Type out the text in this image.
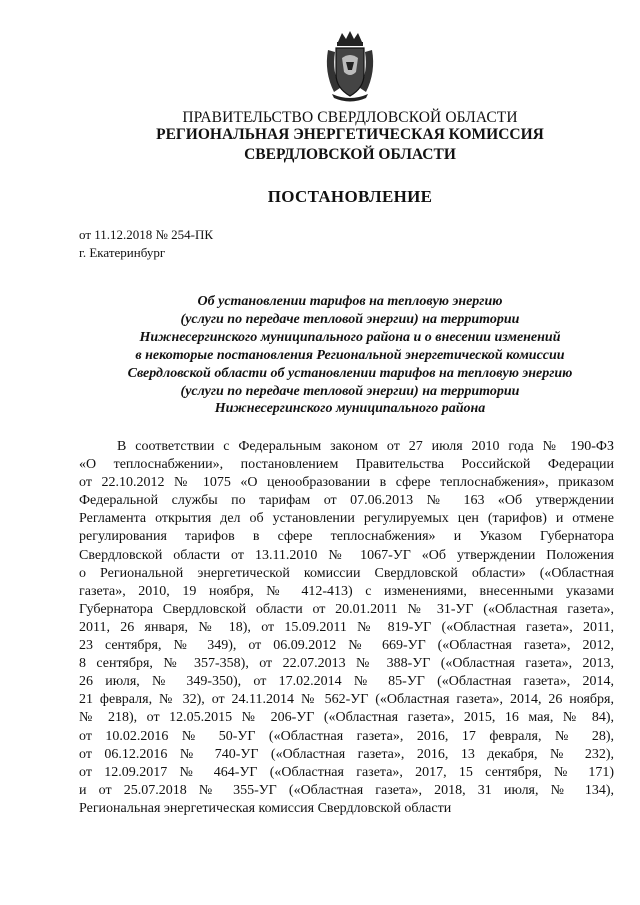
ПРАВИТЕЛЬСТВО СВЕРДЛОВСКОЙ ОБЛАСТИ
РЕГИОНАЛЬНАЯ ЭНЕРГЕТИЧЕСКАЯ КОМИССИЯ
СВЕРДЛОВСКОЙ ОБЛАСТИ
ПОСТАНОВЛЕНИЕ
от 11.12.2018 № 254-ПК
г. Екатеринбург
Об установлении тарифов на тепловую энергию
(услуги по передаче тепловой энергии) на территории
Нижнесергинского муниципального района и о внесении изменений
в некоторые постановления Региональной энергетической комиссии
Свердловской области об установлении тарифов на тепловую энергию
(услуги по передаче тепловой энергии) на территории
Нижнесергинского муниципального района
В соответствии с Федеральным законом от 27 июля 2010 года № 190-ФЗ
«О теплоснабжении», постановлением Правительства Российской Федерации
от 22.10.2012 № 1075 «О ценообразовании в сфере теплоснабжения», приказом
Федеральной службы по тарифам от 07.06.2013 № 163 «Об утверждении
Регламента открытия дел об установлении регулируемых цен (тарифов) и отмене
регулирования тарифов в сфере теплоснабжения» и Указом Губернатора
Свердловской области от 13.11.2010 № 1067-УГ «Об утверждении Положения
о Региональной энергетической комиссии Свердловской области» («Областная
газета», 2010, 19 ноября, № 412-413) с изменениями, внесенными указами
Губернатора Свердловской области от 20.01.2011 № 31-УГ («Областная газета»,
2011, 26 января, № 18), от 15.09.2011 № 819-УГ («Областная газета», 2011,
23 сентября, № 349), от 06.09.2012 № 669-УГ («Областная газета», 2012,
8 сентября, № 357-358), от 22.07.2013 № 388-УГ («Областная газета», 2013,
26 июля, № 349-350), от 17.02.2014 № 85-УГ («Областная газета», 2014,
21 февраля, № 32), от 24.11.2014 № 562-УГ («Областная газета», 2014, 26 ноября,
№ 218), от 12.05.2015 № 206-УГ («Областная газета», 2015, 16 мая, № 84),
от 10.02.2016 № 50-УГ («Областная газета», 2016, 17 февраля, № 28),
от 06.12.2016 № 740-УГ («Областная газета», 2016, 13 декабря, № 232),
от 12.09.2017 № 464-УГ («Областная газета», 2017, 15 сентября, № 171)
и от 25.07.2018 № 355-УГ («Областная газета», 2018, 31 июля, № 134),
Региональная энергетическая комиссия Свердловской области
